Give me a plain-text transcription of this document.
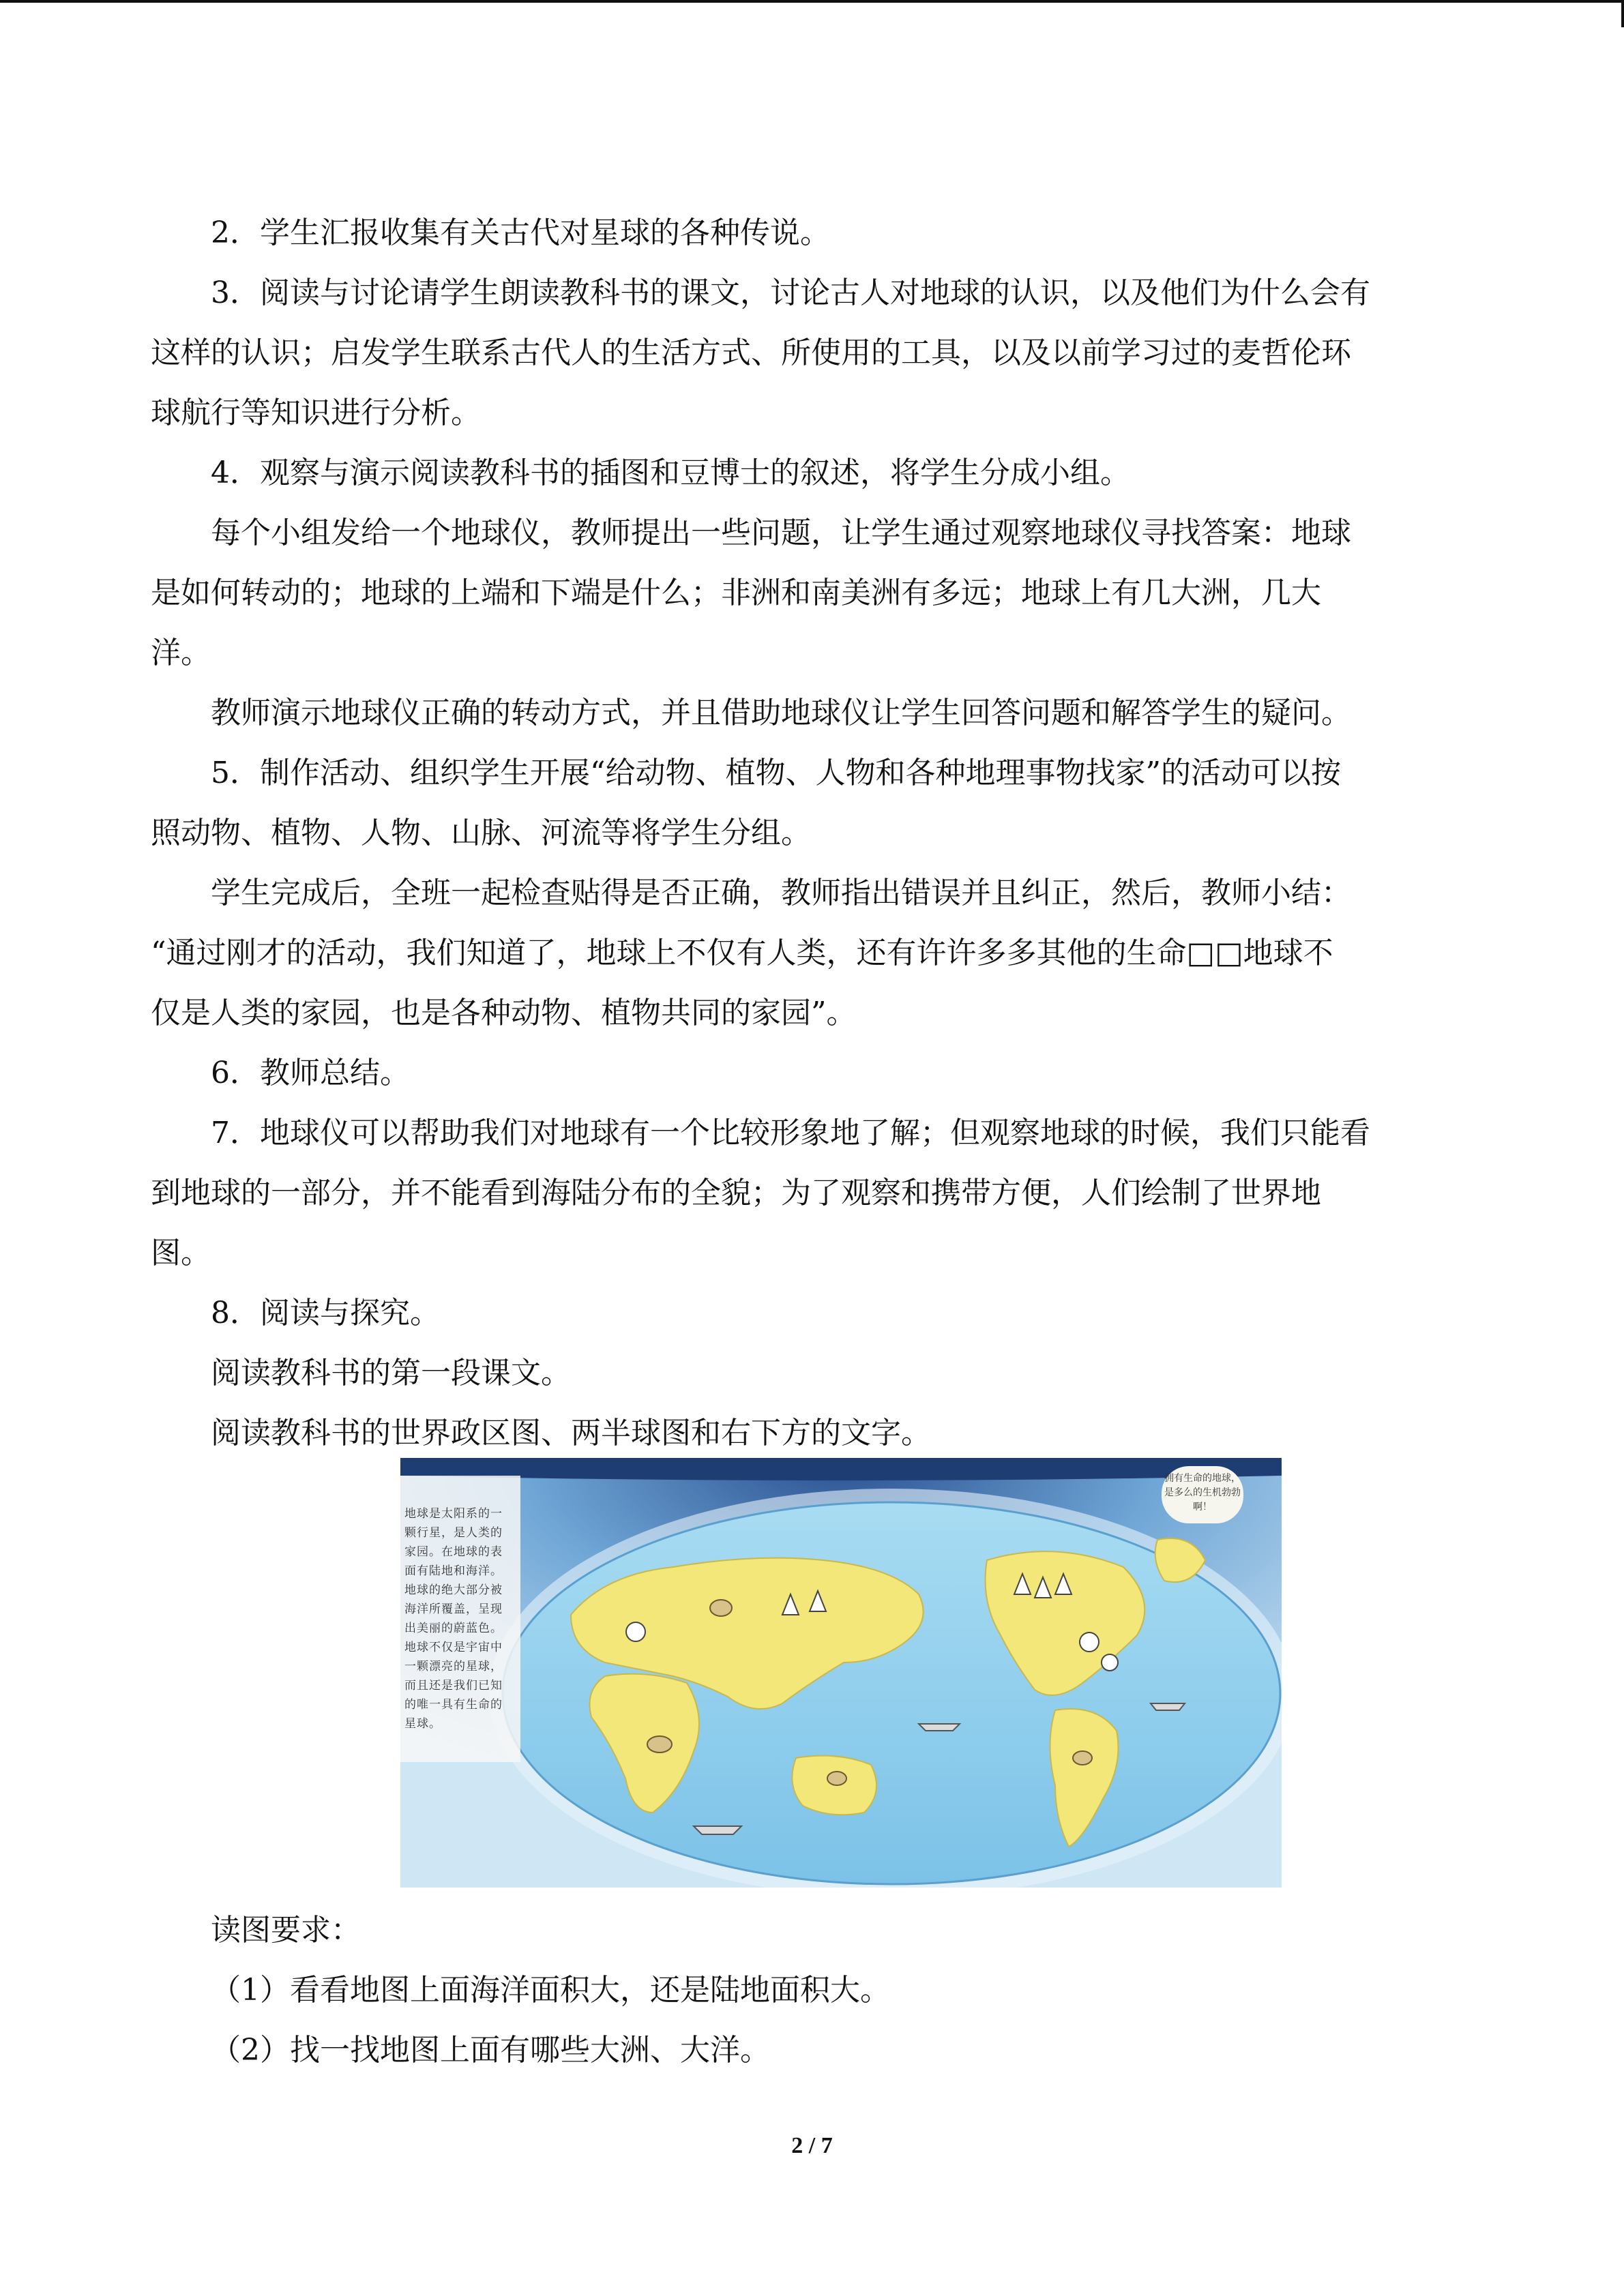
2．学生汇报收集有关古代对星球的各种传说。

3．阅读与讨论请学生朗读教科书的课文，讨论古人对地球的认识，以及他们为什么会有

这样的认识；启发学生联系古代人的生活方式、所使用的工具，以及以前学习过的麦哲伦环

球航行等知识进行分析。

4．观察与演示阅读教科书的插图和豆博士的叙述，将学生分成小组。

每个小组发给一个地球仪，教师提出一些问题，让学生通过观察地球仪寻找答案：地球

是如何转动的；地球的上端和下端是什么；非洲和南美洲有多远；地球上有几大洲，几大

洋。

教师演示地球仪正确的转动方式，并且借助地球仪让学生回答问题和解答学生的疑问。

5．制作活动、组织学生开展“给动物、植物、人物和各种地理事物找家”的活动可以按

照动物、植物、人物、山脉、河流等将学生分组。

学生完成后，全班一起检查贴得是否正确，教师指出错误并且纠正，然后，教师小结：

“通过刚才的活动，我们知道了，地球上不仅有人类，还有许许多多其他的生命□□地球不

仅是人类的家园，也是各种动物、植物共同的家园”。

6．教师总结。

7．地球仪可以帮助我们对地球有一个比较形象地了解；但观察地球的时候，我们只能看

到地球的一部分，并不能看到海陆分布的全貌；为了观察和携带方便，人们绘制了世界地

图。

8．阅读与探究。

阅读教科书的第一段课文。

阅读教科书的世界政区图、两半球图和右下方的文字。

地球是太阳系的一颗行星，是人类的家园。在地球的表面有陆地和海洋。地球的绝大部分被海洋所覆盖，呈现出美丽的蔚蓝色。地球不仅是宇宙中一颗漂亮的星球，而且还是我们已知的唯一具有生命的星球。
拥有生命的地球，是多么的生机勃勃啊！

读图要求：

（1）看看地图上面海洋面积大，还是陆地面积大。

（2）找一找地图上面有哪些大洲、大洋。

2 / 7
